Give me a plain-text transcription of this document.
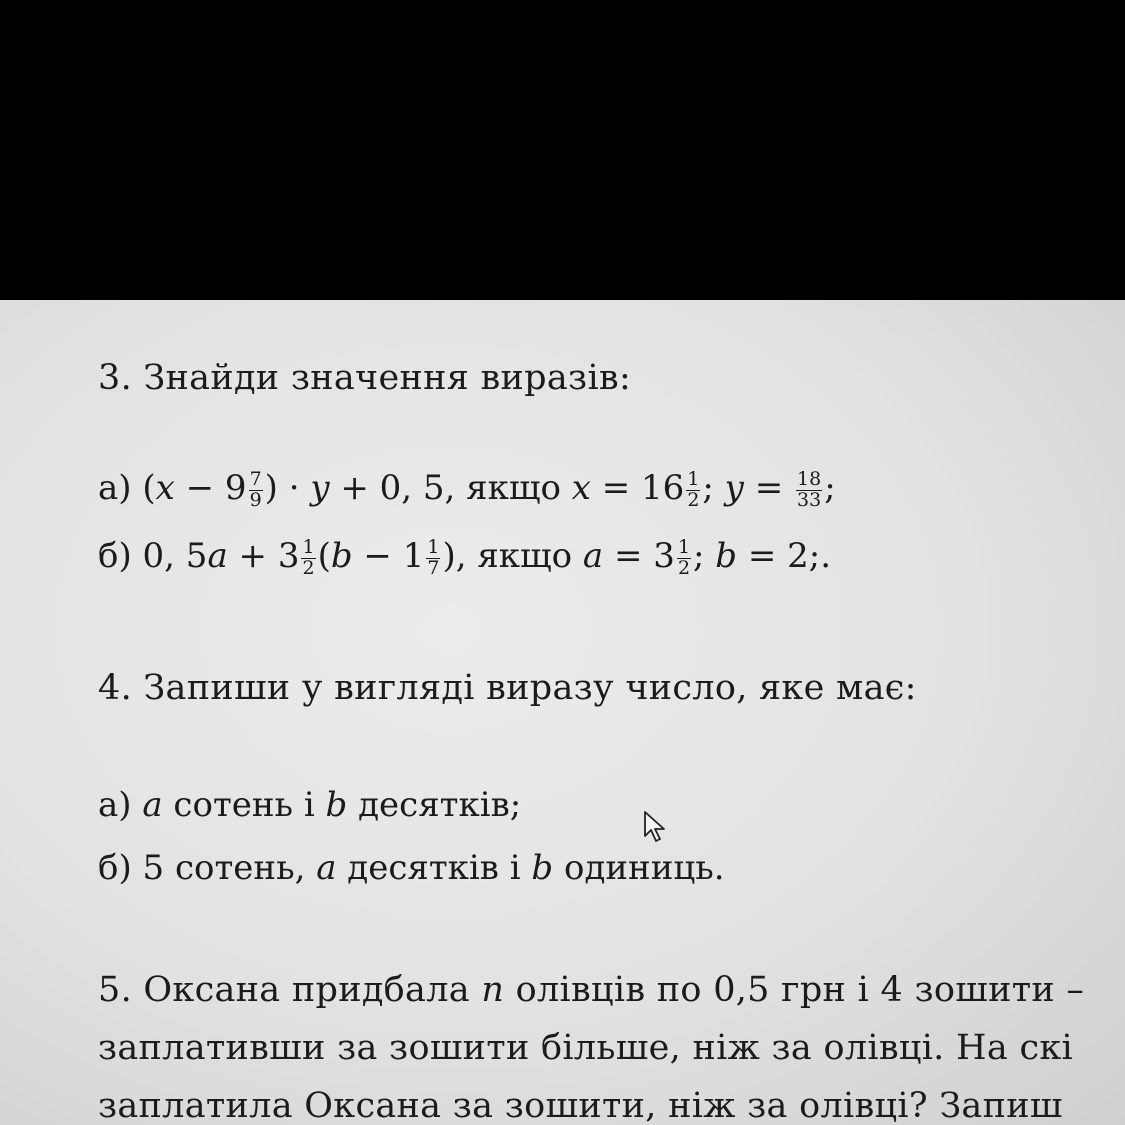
3. Знайди значення виразів:
а) ($x - 9 \frac{7}{9}$ ) · y + 0, 5, якщо $x = 16 \frac{1}{2}$ ; $y = \frac{18}{33}$ ;
б) 0, $5a + 3 \frac{1}{2} (b - 1 \frac{1}{7}$ ), якщо $a = 3 \frac{1}{2}$ ; b = 2;.
4. Запиши у вигляді виразу число, яке має:
а) a сотень і b десятків;
б) 5 сотень, a десятків і b одиниць.
5. Оксана придбала n олівців по 0,5 грн і 4 зошити –
заплативши за зошити більше, ніж за олівці. На скі
заплатила Оксана за зошити, ніж за олівці? Запиш
